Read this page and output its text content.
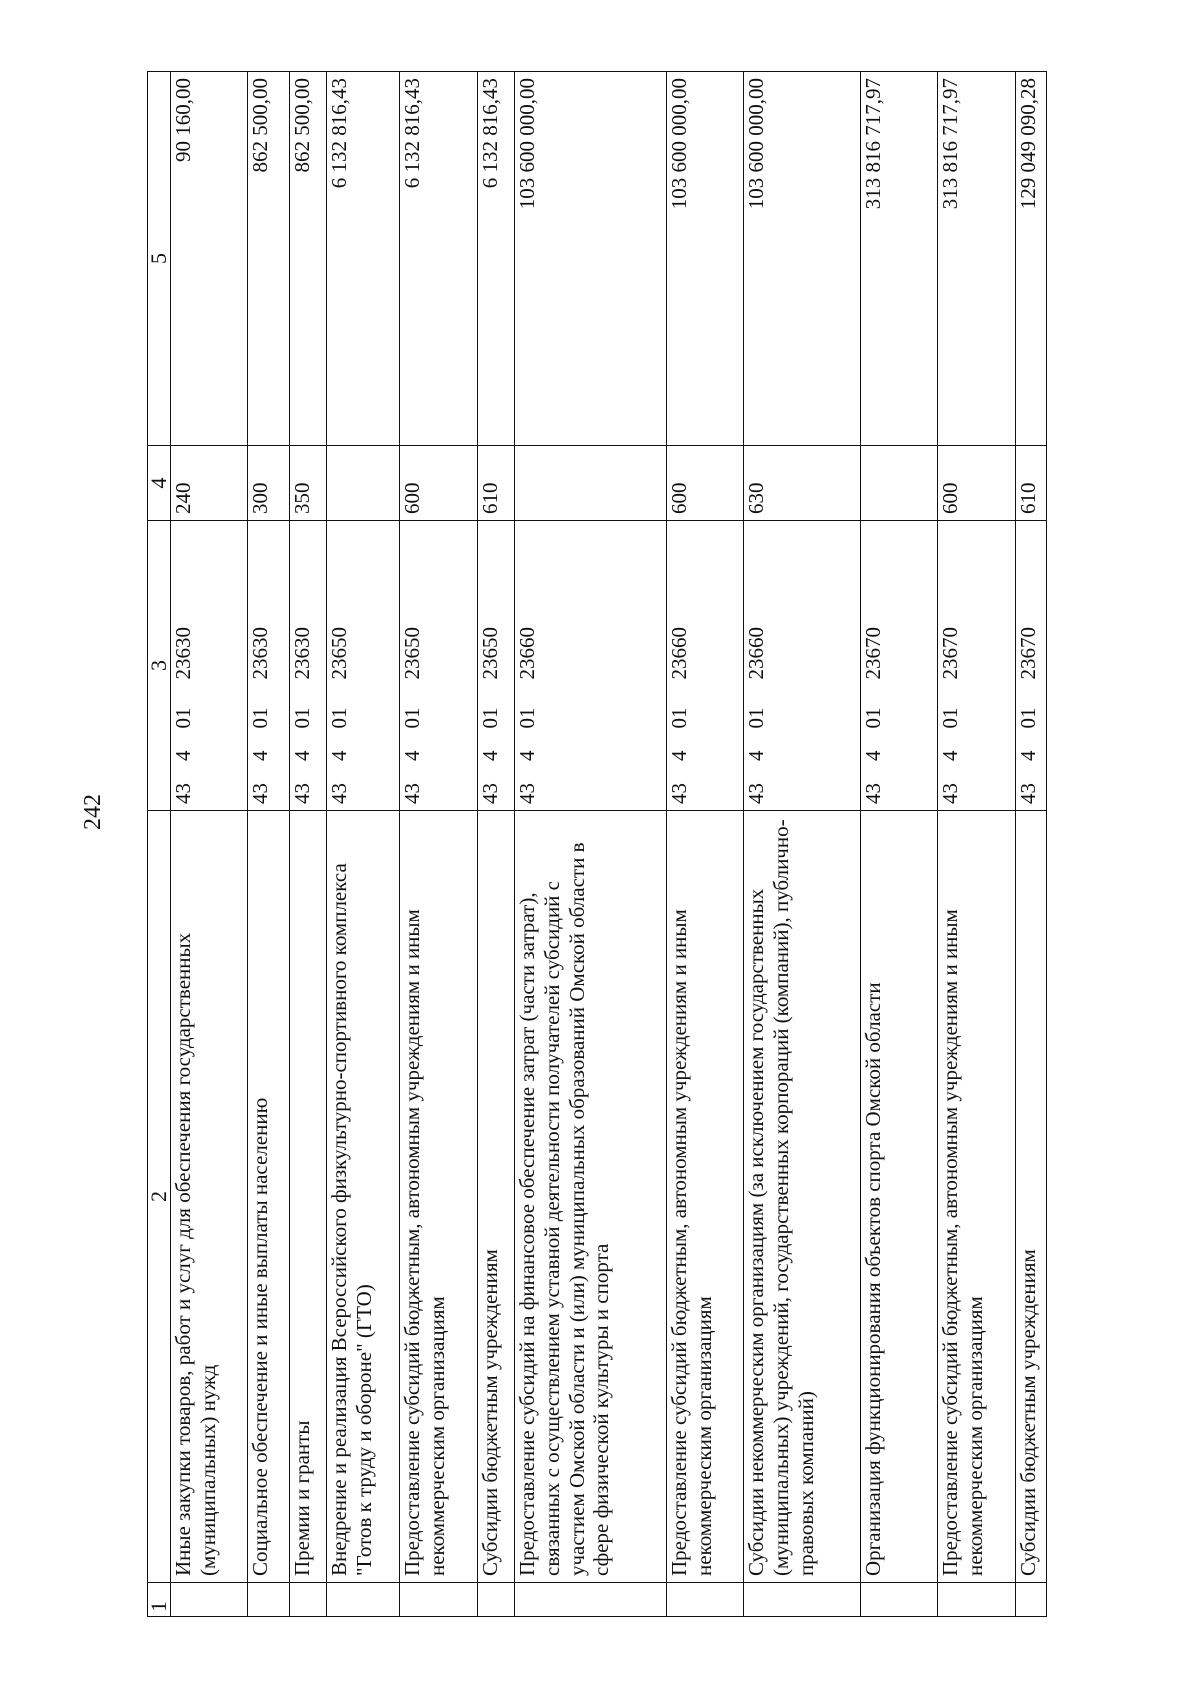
242
1	2	3	4	5
	Иные закупки товаров, работ и услуг для обеспечения государственных (муниципальных) нужд	4340123630	240	90 160,00
	Социальное обеспечение и иные выплаты населению	4340123630	300	862 500,00
	Премии и гранты	4340123630	350	862 500,00
	Внедрение и реализация Всероссийского физкультурно-спортивного комплекса "Готов к труду и обороне" (ГТО)	4340123650		6 132 816,43
	Предоставление субсидий бюджетным, автономным учреждениям и иным некоммерческим организациям	4340123650	600	6 132 816,43
	Субсидии бюджетным учреждениям	4340123650	610	6 132 816,43
	Предоставление субсидий на финансовое обеспечение затрат (части затрат), связанных с осуществлением уставной деятельности получателей субсидий с участием Омской области и (или) муниципальных образований Омской области в сфере физической культуры и спорта	4340123660		103 600 000,00
	Предоставление субсидий бюджетным, автономным учреждениям и иным некоммерческим организациям	4340123660	600	103 600 000,00
	Субсидии некоммерческим организациям (за исключением государственных (муниципальных) учреждений, государственных корпораций (компаний), публично-правовых компаний)	4340123660	630	103 600 000,00
	Организация функционирования объектов спорта Омской области	4340123670		313 816 717,97
	Предоставление субсидий бюджетным, автономным учреждениям и иным некоммерческим организациям	4340123670	600	313 816 717,97
	Субсидии бюджетным учреждениям	4340123670	610	129 049 090,28
